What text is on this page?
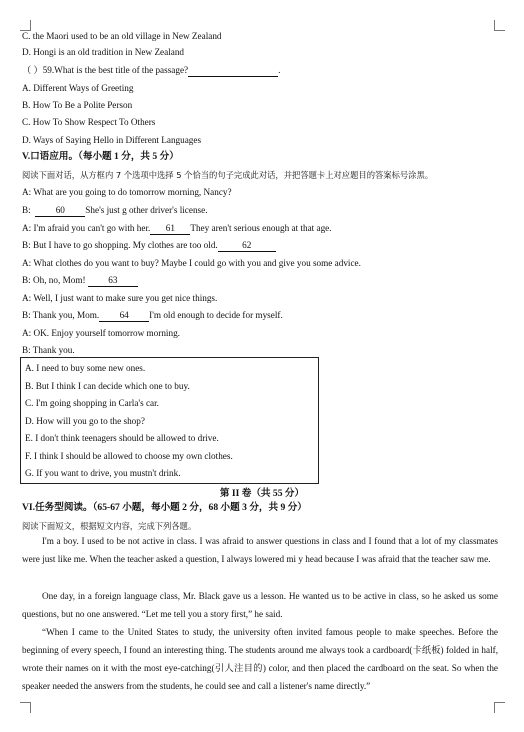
C. the Maori used to be an old village in New Zealand
D. Hongi is an old tradition in New Zealand
（ ）59.What is the best title of the passage?	.
A. Different Ways of Greeting
B. How To Be a Polite Person
C. How To Show Respect To Others
D. Ways of Saying Hello in Different Languages
V.口语应用。（每小题 1 分，共 5 分）
阅读下面对话，从方框内 7 个选项中选择 5 个恰当的句子完成此对话，并把答题卡上对应题目的答案标号涂黑。
A: What are you going to do tomorrow morning, Nancy?
B:  60 She's just g other driver's license.
A: I'm afraid you can't go with her. 61 They aren't serious enough at that age.
B: But I have to go shopping. My clothes are too old.	62
A: What clothes do you want to buy? Maybe I could go with you and give you some advice.
B: Oh, no, Mom! 63
A: Well, I just want to make sure you get nice things.
B: Thank you, Mom. 64 I'm old enough to decide for myself.
A: OK. Enjoy yourself tomorrow morning.
B: Thank you.
A. I need to buy some new ones.
B. But I think I can decide which one to buy.
C. I'm going shopping in Carla's car.
D. How will you go to the shop?
E. I don't think teenagers should be allowed to drive.
F. I think I should be allowed to choose my own clothes.
G. If you want to drive, you mustn't drink.
第 II 卷（共 55 分）
VI.任务型阅读。（65-67 小题，每小题 2 分，68 小题 3 分，共 9 分）
阅读下面短文，根据短文内容，完成下列各题。
I'm a boy. I used to be not active in class. I was afraid to answer questions in class and I found that a lot of my classmates were just like me. When the teacher asked a question, I always lowered mi y head because I was afraid that the teacher saw me.
One day, in a foreign language class, Mr. Black gave us a lesson. He wanted us to be active in class, so he asked us some questions, but no one answered. “Let me tell you a story first,” he said.
“When I came to the United States to study, the university often invited famous people to make speeches. Before the beginning of every speech, I found an interesting thing. The students around me always took a cardboard(卡纸板) folded in half, wrote their names on it with the most eye-catching(引人注目的) color, and then placed the cardboard on the seat. So when the speaker needed the answers from the students, he could see and call a listener's name directly.”
